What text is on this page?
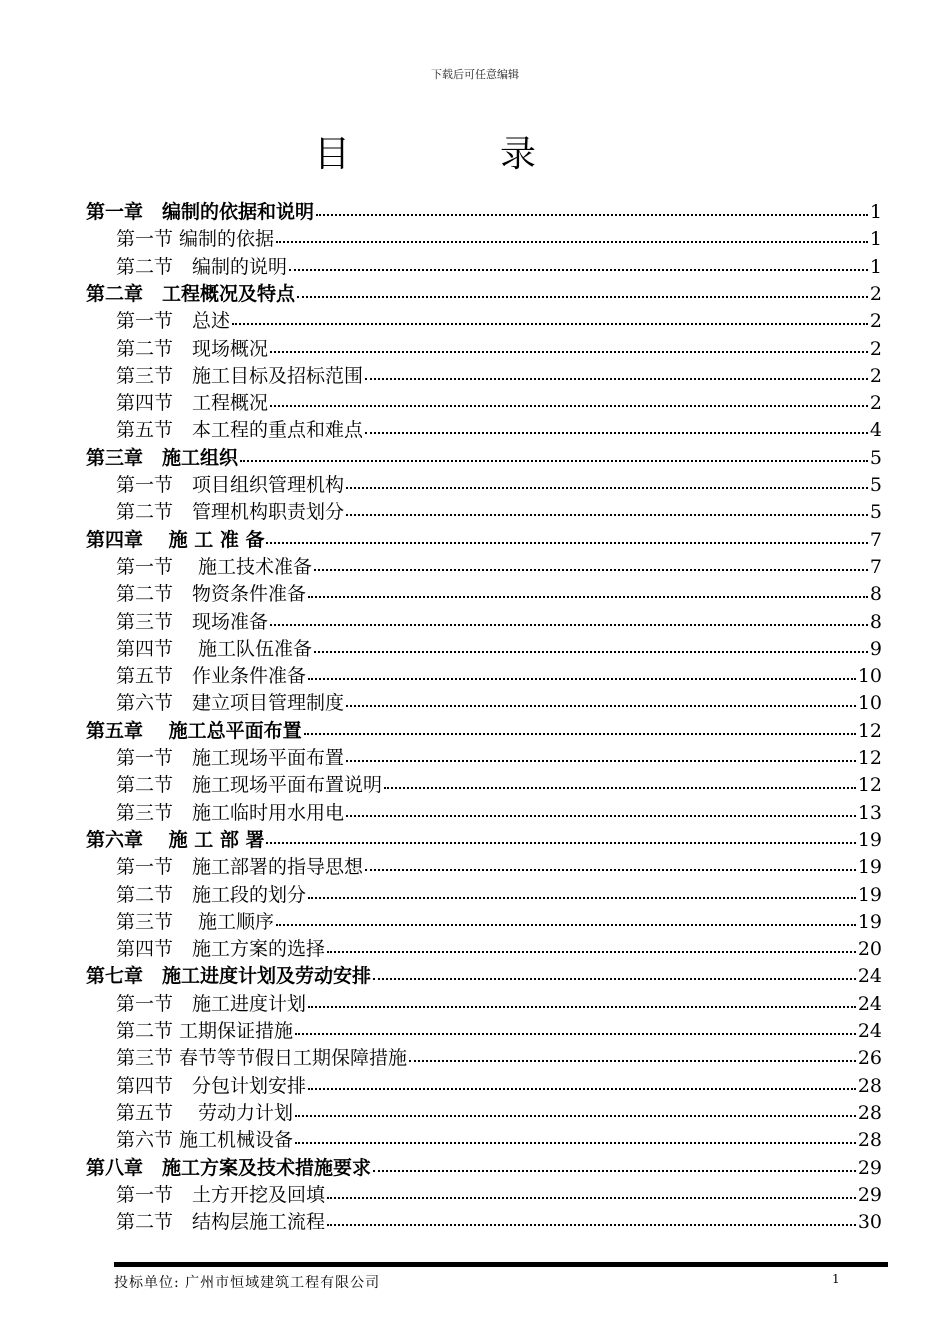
下载后可任意编辑
目录
第一章　编制的依据和说明	1
第一节 编制的依据	1
第二节　编制的说明	1
第二章　工程概况及特点	2
第一节　总述	2
第二节　现场概况	2
第三节　施工目标及招标范围	2
第四节　工程概况	2
第五节　本工程的重点和难点	4
第三章　施工组织	5
第一节　项目组织管理机构	5
第二节　管理机构职责划分	5
第四章　 施 工 准 备	7
第一节　 施工技术准备	7
第二节　物资条件准备	8
第三节　现场准备	8
第四节　 施工队伍准备	9
第五节　作业条件准备	10
第六节　建立项目管理制度	10
第五章　 施工总平面布置	12
第一节　施工现场平面布置	12
第二节　施工现场平面布置说明	12
第三节　施工临时用水用电	13
第六章　 施 工 部 署	19
第一节　施工部署的指导思想	19
第二节　施工段的划分	19
第三节　 施工顺序	19
第四节　施工方案的选择	20
第七章　施工进度计划及劳动安排	24
第一节　施工进度计划	24
第二节 工期保证措施	24
第三节 春节等节假日工期保障措施	26
第四节　分包计划安排	28
第五节　 劳动力计划	28
第六节 施工机械设备	28
第八章　施工方案及技术措施要求	29
第一节　土方开挖及回填	29
第二节　结构层施工流程	30
投标单位: 广州市恒域建筑工程有限公司	1
